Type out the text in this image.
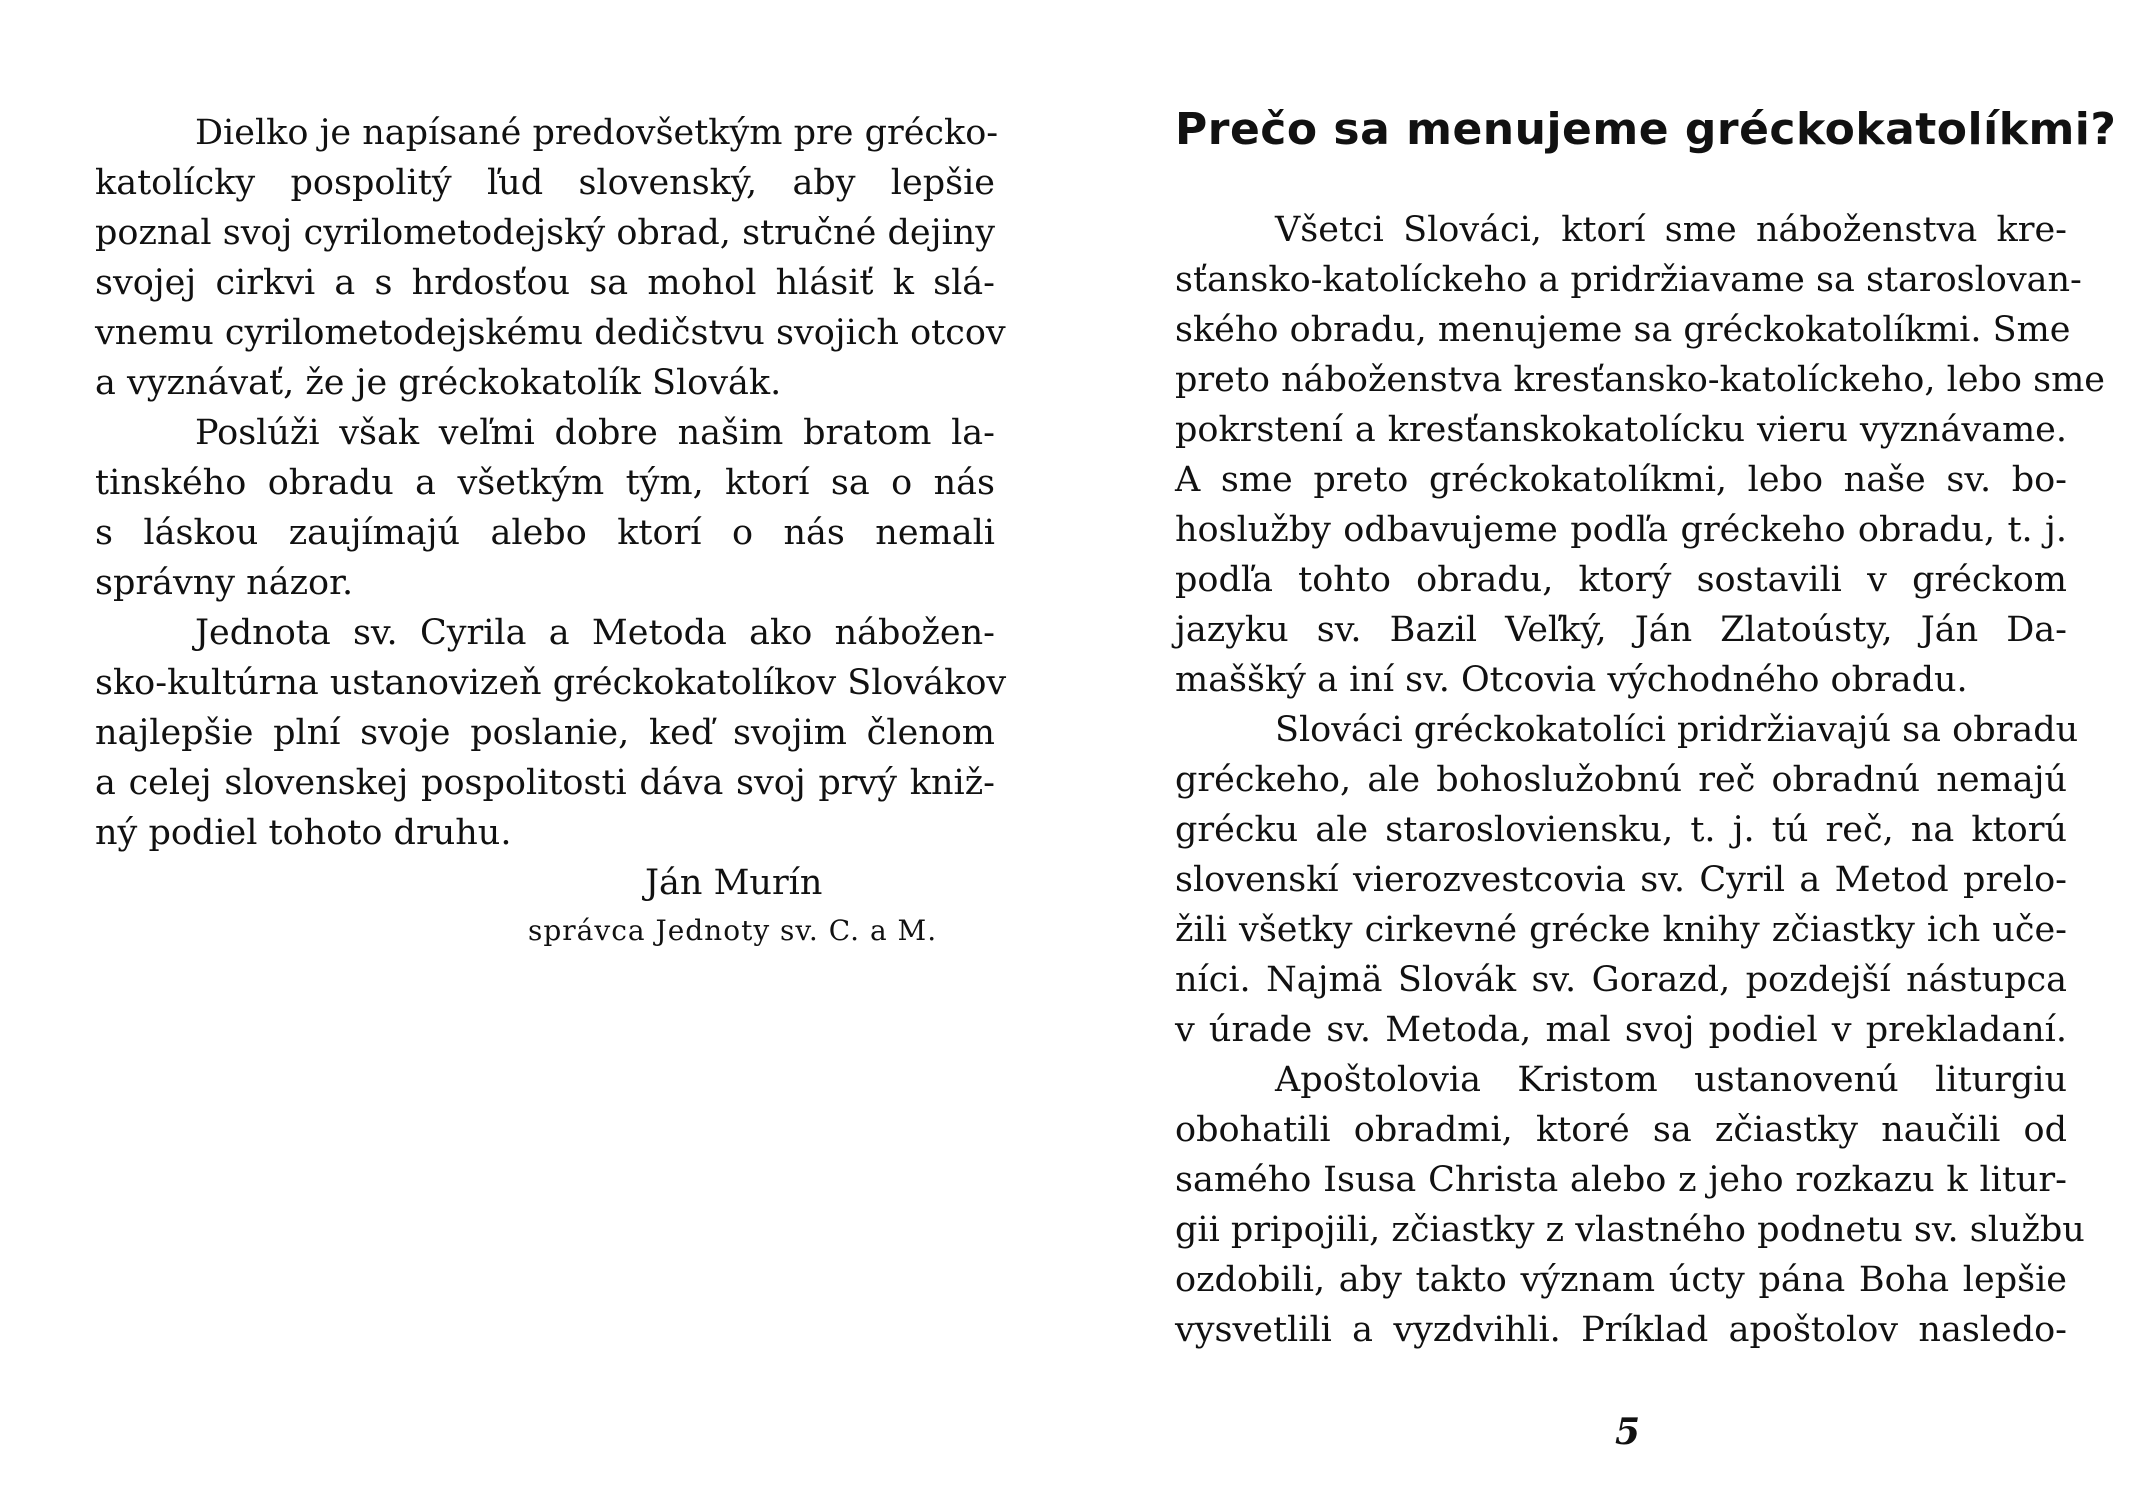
Dielko je napísané predovšetkým pre grécko-
katolícky pospolitý ľud slovenský, aby lepšie
poznal svoj cyrilometodejský obrad, stručné dejiny
svojej cirkvi a s hrdosťou sa mohol hlásiť k slá-
vnemu cyrilometodejskému dedičstvu svojich otcov
a vyznávať, že je gréckokatolík Slovák.
Poslúži však veľmi dobre našim bratom la-
tinského obradu a všetkým tým, ktorí sa o nás
s láskou zaujímajú alebo ktorí o nás nemali
správny názor.
Jednota sv. Cyrila a Metoda ako nábožen-
sko-kultúrna ustanovizeň gréckokatolíkov Slovákov
najlepšie plní svoje poslanie, keď svojim členom
a celej slovenskej pospolitosti dáva svoj prvý kniž-
ný podiel tohoto druhu.
Ján Murín
správca Jednoty sv. C. a M.
Prečo sa menujeme gréckokatolíkmi?
Všetci Slováci, ktorí sme náboženstva kre-
sťansko-katolíckeho a pridržiavame sa staroslovan-
ského obradu, menujeme sa gréckokatolíkmi. Sme
preto náboženstva kresťansko-katolíckeho, lebo sme
pokrstení a kresťanskokatolícku vieru vyznávame.
A sme preto gréckokatolíkmi, lebo naše sv. bo-
hoslužby odbavujeme podľa gréckeho obradu, t. j.
podľa tohto obradu, ktorý sostavili v gréckom
jazyku sv. Bazil Veľký, Ján Zlatoústy, Ján Da-
maššký a iní sv. Otcovia východného obradu.
Slováci gréckokatolíci pridržiavajú sa obradu
gréckeho, ale bohoslužobnú reč obradnú nemajú
grécku ale starosloviensku, t. j. tú reč, na ktorú
slovenskí vierozvestcovia sv. Cyril a Metod prelo-
žili všetky cirkevné grécke knihy zčiastky ich uče-
níci. Najmä Slovák sv. Gorazd, pozdejší nástupca
v úrade sv. Metoda, mal svoj podiel v prekladaní.
Apoštolovia Kristom ustanovenú liturgiu
obohatili obradmi, ktoré sa zčiastky naučili od
samého Isusa Christa alebo z jeho rozkazu k litur-
gii pripojili, zčiastky z vlastného podnetu sv. službu
ozdobili, aby takto význam úcty pána Boha lepšie
vysvetlili a vyzdvihli. Príklad apoštolov nasledo-
5
